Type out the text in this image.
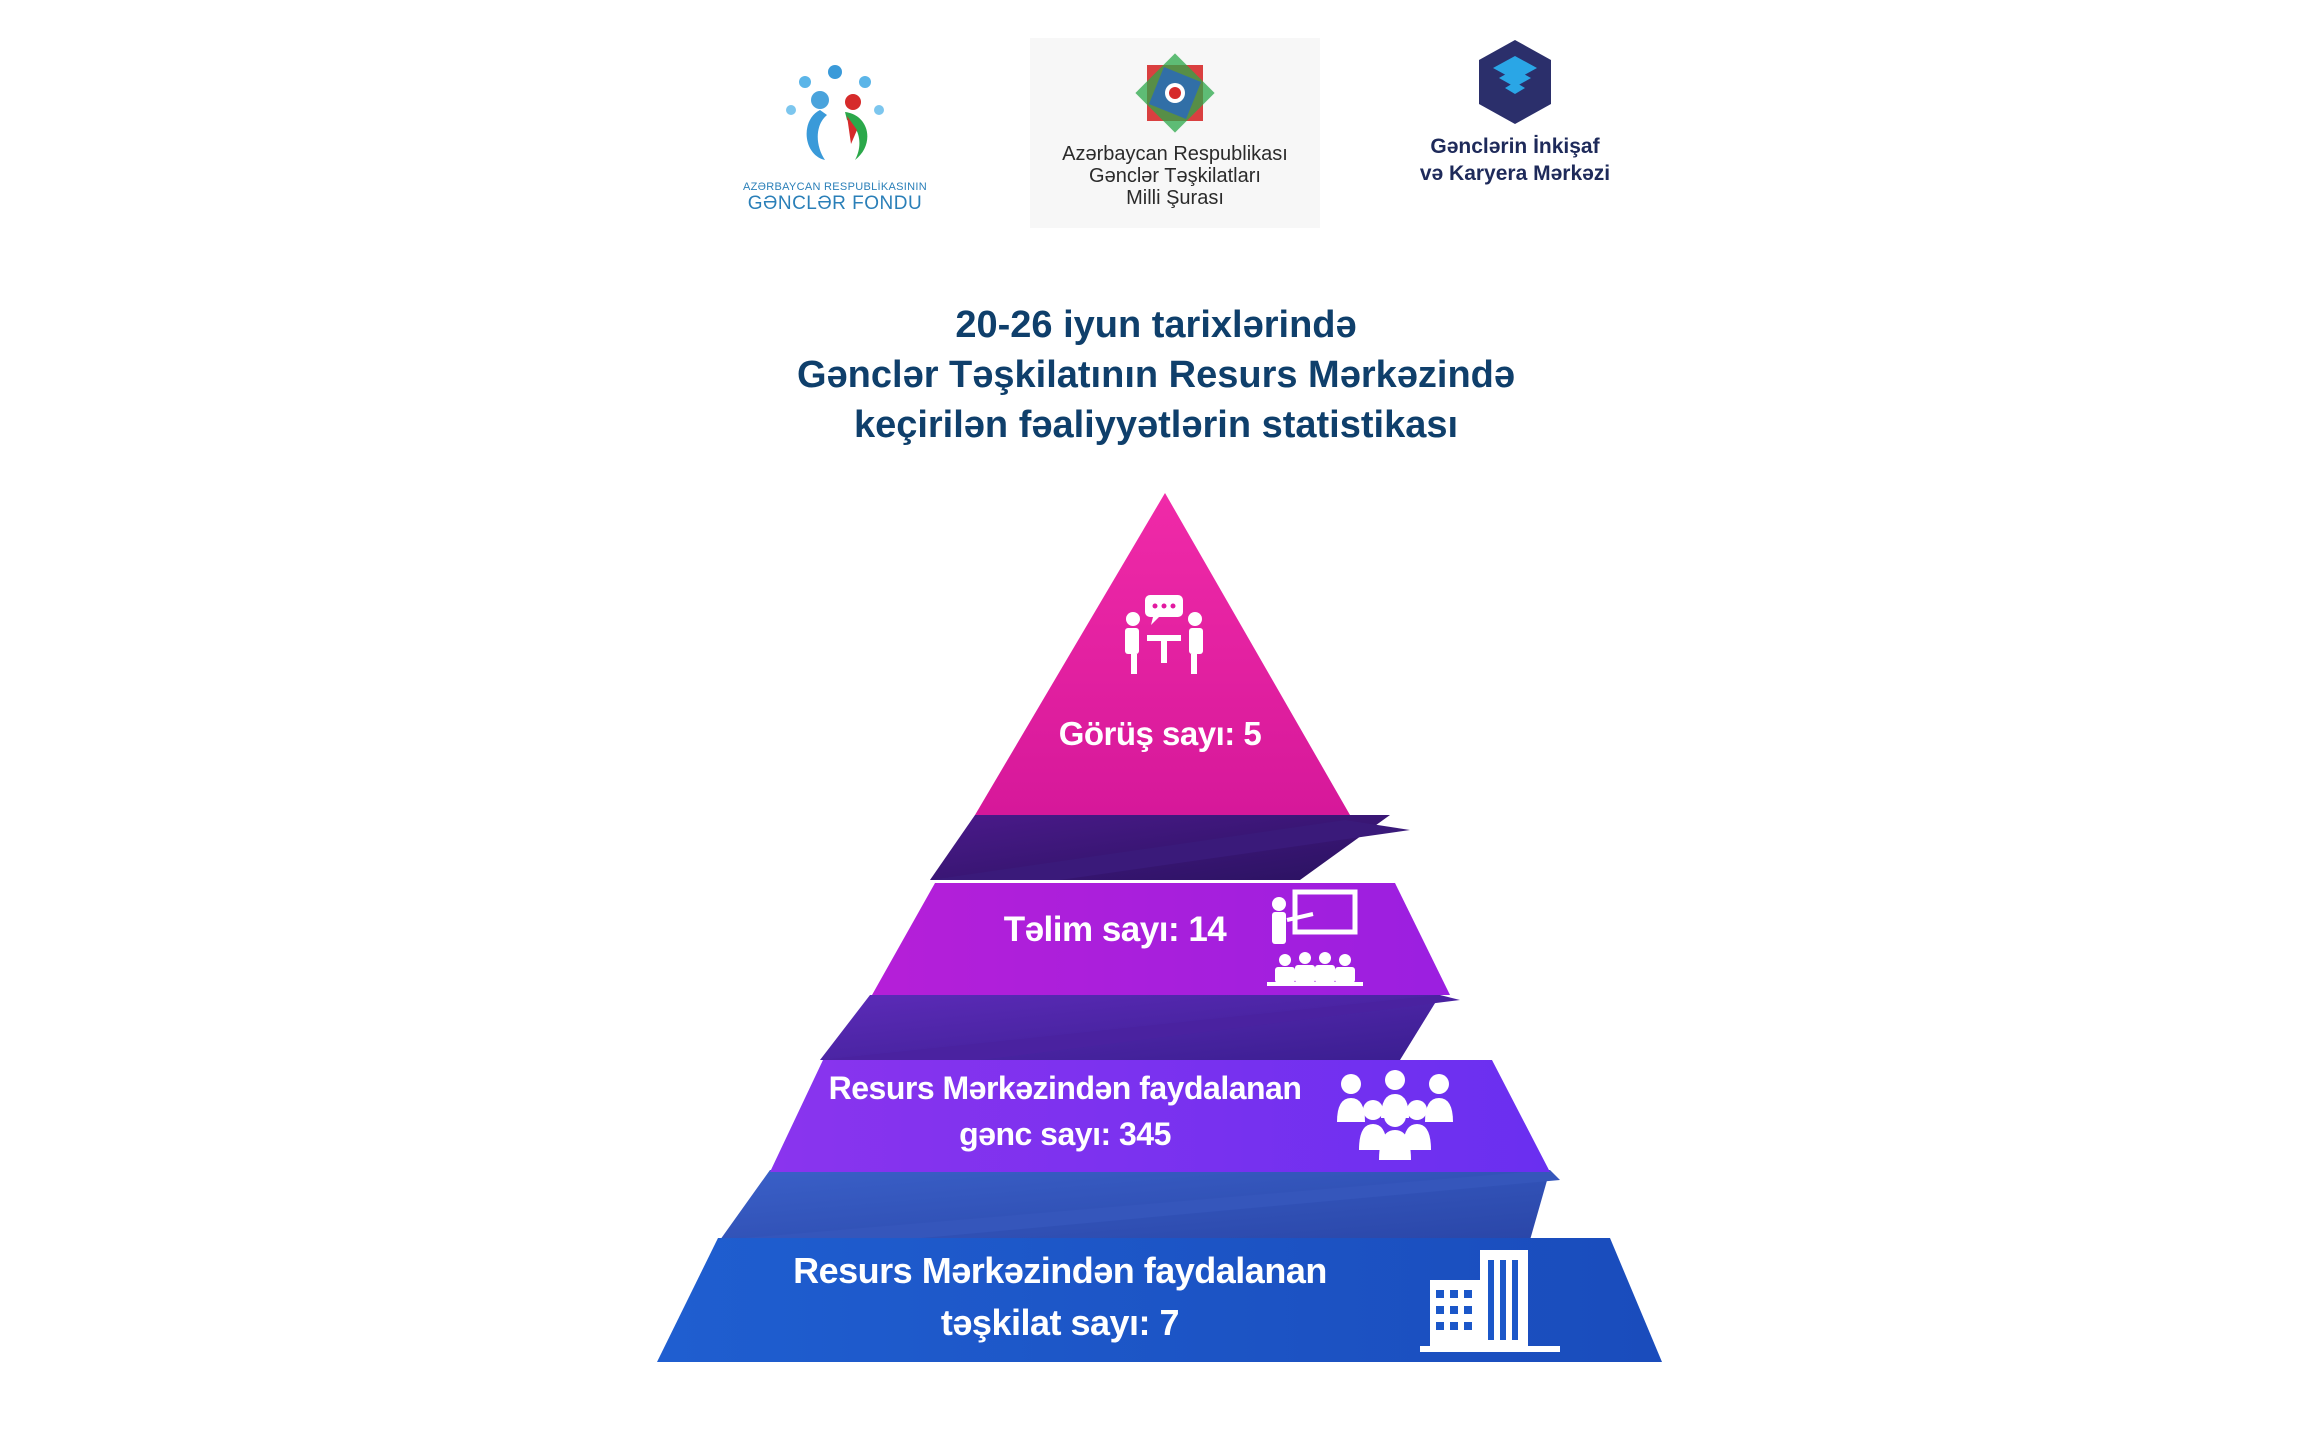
AZƏRBAYCAN RESPUBLİKASININ
GƏNCLƏR FONDU
Azərbaycan Respublikası
Gənclər Təşkilatları
Milli Şurası
Gənclərin İnkişaf
və Karyera Mərkəzi
20-26 iyun tarixlərində
Gənclər Təşkilatının Resurs Mərkəzində
keçirilən fəaliyyətlərin statistikası
Görüş sayı: 5
Təlim sayı: 14
Resurs Mərkəzindən faydalanan
gənc sayı: 345
Resurs Mərkəzindən faydalanan
təşkilat sayı: 7
